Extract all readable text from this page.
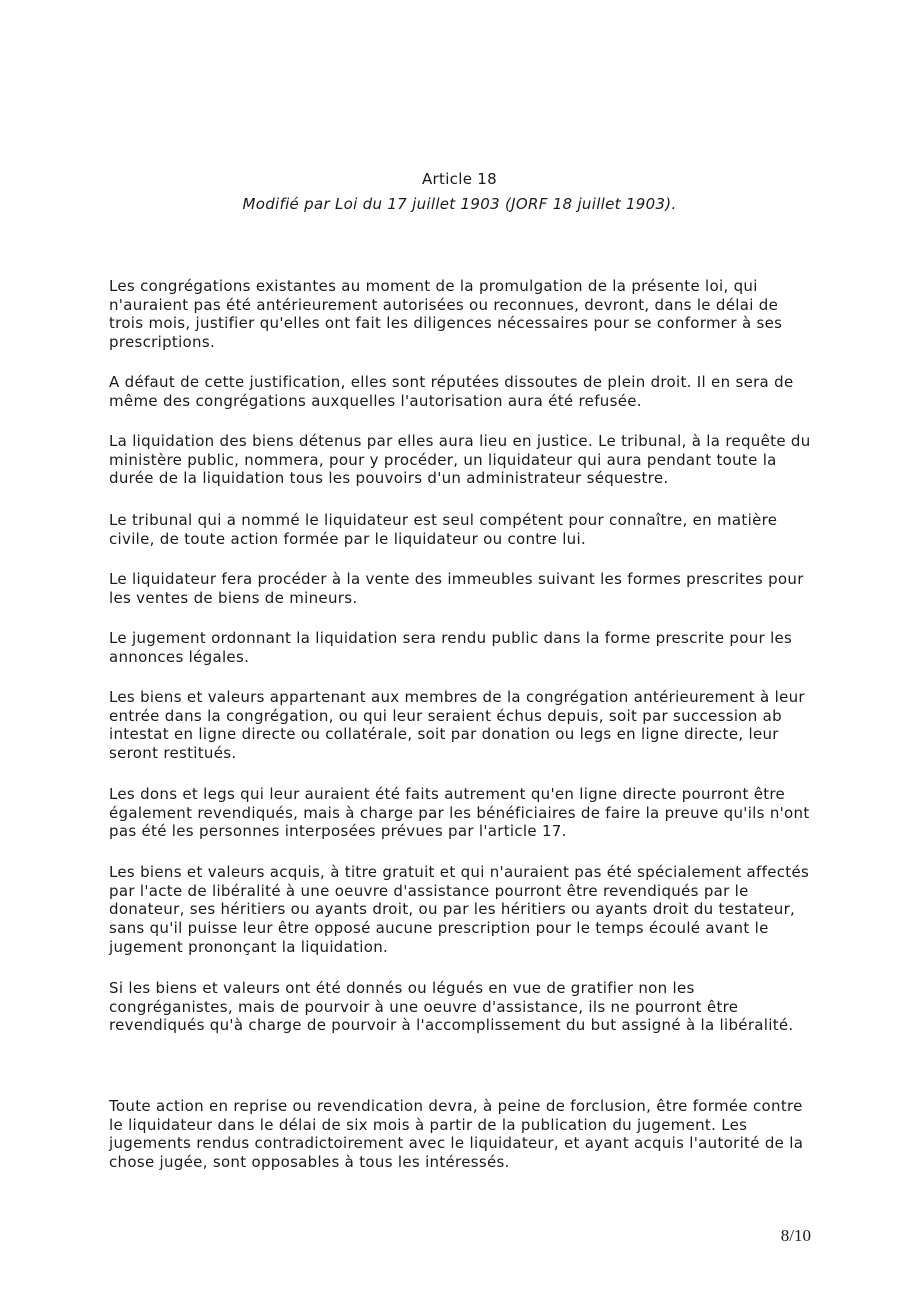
Article 18
Modifié par Loi du 17 juillet 1903 (JORF 18 juillet 1903).
Les congrégations existantes au moment de la promulgation de la présente loi, qui
n'auraient pas été antérieurement autorisées ou reconnues, devront, dans le délai de
trois mois, justifier qu'elles ont fait les diligences nécessaires pour se conformer à ses
prescriptions.
A défaut de cette justification, elles sont réputées dissoutes de plein droit. Il en sera de
même des congrégations auxquelles l'autorisation aura été refusée.
La liquidation des biens détenus par elles aura lieu en justice. Le tribunal, à la requête du
ministère public, nommera, pour y procéder, un liquidateur qui aura pendant toute la
durée de la liquidation tous les pouvoirs d'un administrateur séquestre.
Le tribunal qui a nommé le liquidateur est seul compétent pour connaître, en matière
civile, de toute action formée par le liquidateur ou contre lui.
Le liquidateur fera procéder à la vente des immeubles suivant les formes prescrites pour
les ventes de biens de mineurs.
Le jugement ordonnant la liquidation sera rendu public dans la forme prescrite pour les
annonces légales.
Les biens et valeurs appartenant aux membres de la congrégation antérieurement à leur
entrée dans la congrégation, ou qui leur seraient échus depuis, soit par succession ab
intestat en ligne directe ou collatérale, soit par donation ou legs en ligne directe, leur
seront restitués.
Les dons et legs qui leur auraient été faits autrement qu'en ligne directe pourront être
également revendiqués, mais à charge par les bénéficiaires de faire la preuve qu'ils n'ont
pas été les personnes interposées prévues par l'article 17.
Les biens et valeurs acquis, à titre gratuit et qui n'auraient pas été spécialement affectés
par l'acte de libéralité à une oeuvre d'assistance pourront être revendiqués par le
donateur, ses héritiers ou ayants droit, ou par les héritiers ou ayants droit du testateur,
sans qu'il puisse leur être opposé aucune prescription pour le temps écoulé avant le
jugement prononçant la liquidation.
Si les biens et valeurs ont été donnés ou légués en vue de gratifier non les
congréganistes, mais de pourvoir à une oeuvre d'assistance, ils ne pourront être
revendiqués qu'à charge de pourvoir à l'accomplissement du but assigné à la libéralité.
Toute action en reprise ou revendication devra, à peine de forclusion, être formée contre
le liquidateur dans le délai de six mois à partir de la publication du jugement. Les
jugements rendus contradictoirement avec le liquidateur, et ayant acquis l'autorité de la
chose jugée, sont opposables à tous les intéressés.
8/10
